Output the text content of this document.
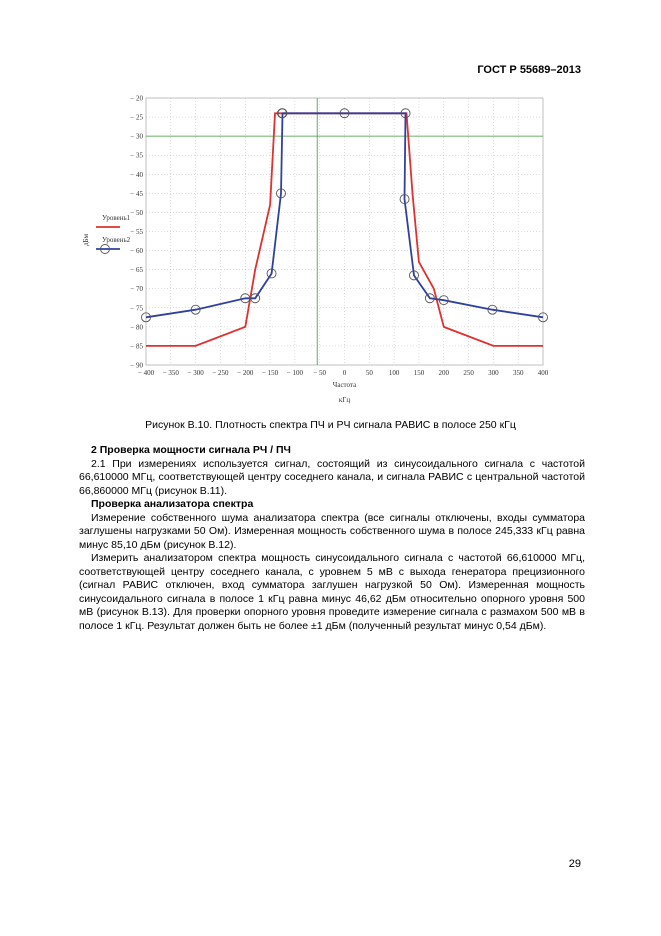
ГОСТ Р 55689–2013
− 400 − 350 − 300 − 250 − 200 − 150 − 100 − 50 0	50 100 150 200 250 300 350 400
− 20
− 25
− 30
− 35
− 40
− 45
− 50
− 55
− 60
− 65
− 70
− 75
− 80
− 85
− 90
Частота
кГц
дБм
Уровень1
Уровень2
Рисунок В.10. Плотность спектра ПЧ и РЧ сигнала РАВИС в полосе 250 кГц
2 Проверка мощности сигнала РЧ / ПЧ

2.1 При измерениях используется сигнал, состоящий из синусоидального сигнала с частотой 66,610000 МГц, соответствующей центру соседнего канала, и сигнала РАВИС с центральной частотой 66,860000 МГц (рисунок В.11).

Проверка анализатора спектра

Измерение собственного шума анализатора спектра (все сигналы отключены, входы сумматора заглушены нагрузками 50 Ом). Измеренная мощность собственного шума в полосе 245,333 кГц равна минус 85,10 дБм (рисунок В.12).

Измерить анализатором спектра мощность синусоидального сигнала с частотой 66,610000 МГц, соответствующей центру соседнего канала, с уровнем 5 мВ с выхода генератора прецизионного (сигнал РАВИС отключен, вход сумматора заглушен нагрузкой 50 Ом). Измеренная мощность синусоидального сигнала в полосе 1 кГц равна минус 46,62 дБм относительно опорного уровня 500 мВ (рисунок В.13). Для проверки опорного уровня проведите измерение сигнала с размахом 500 мВ в полосе 1 кГц. Результат должен быть не более ±1 дБм (полученный результат минус 0,54 дБм).

29
